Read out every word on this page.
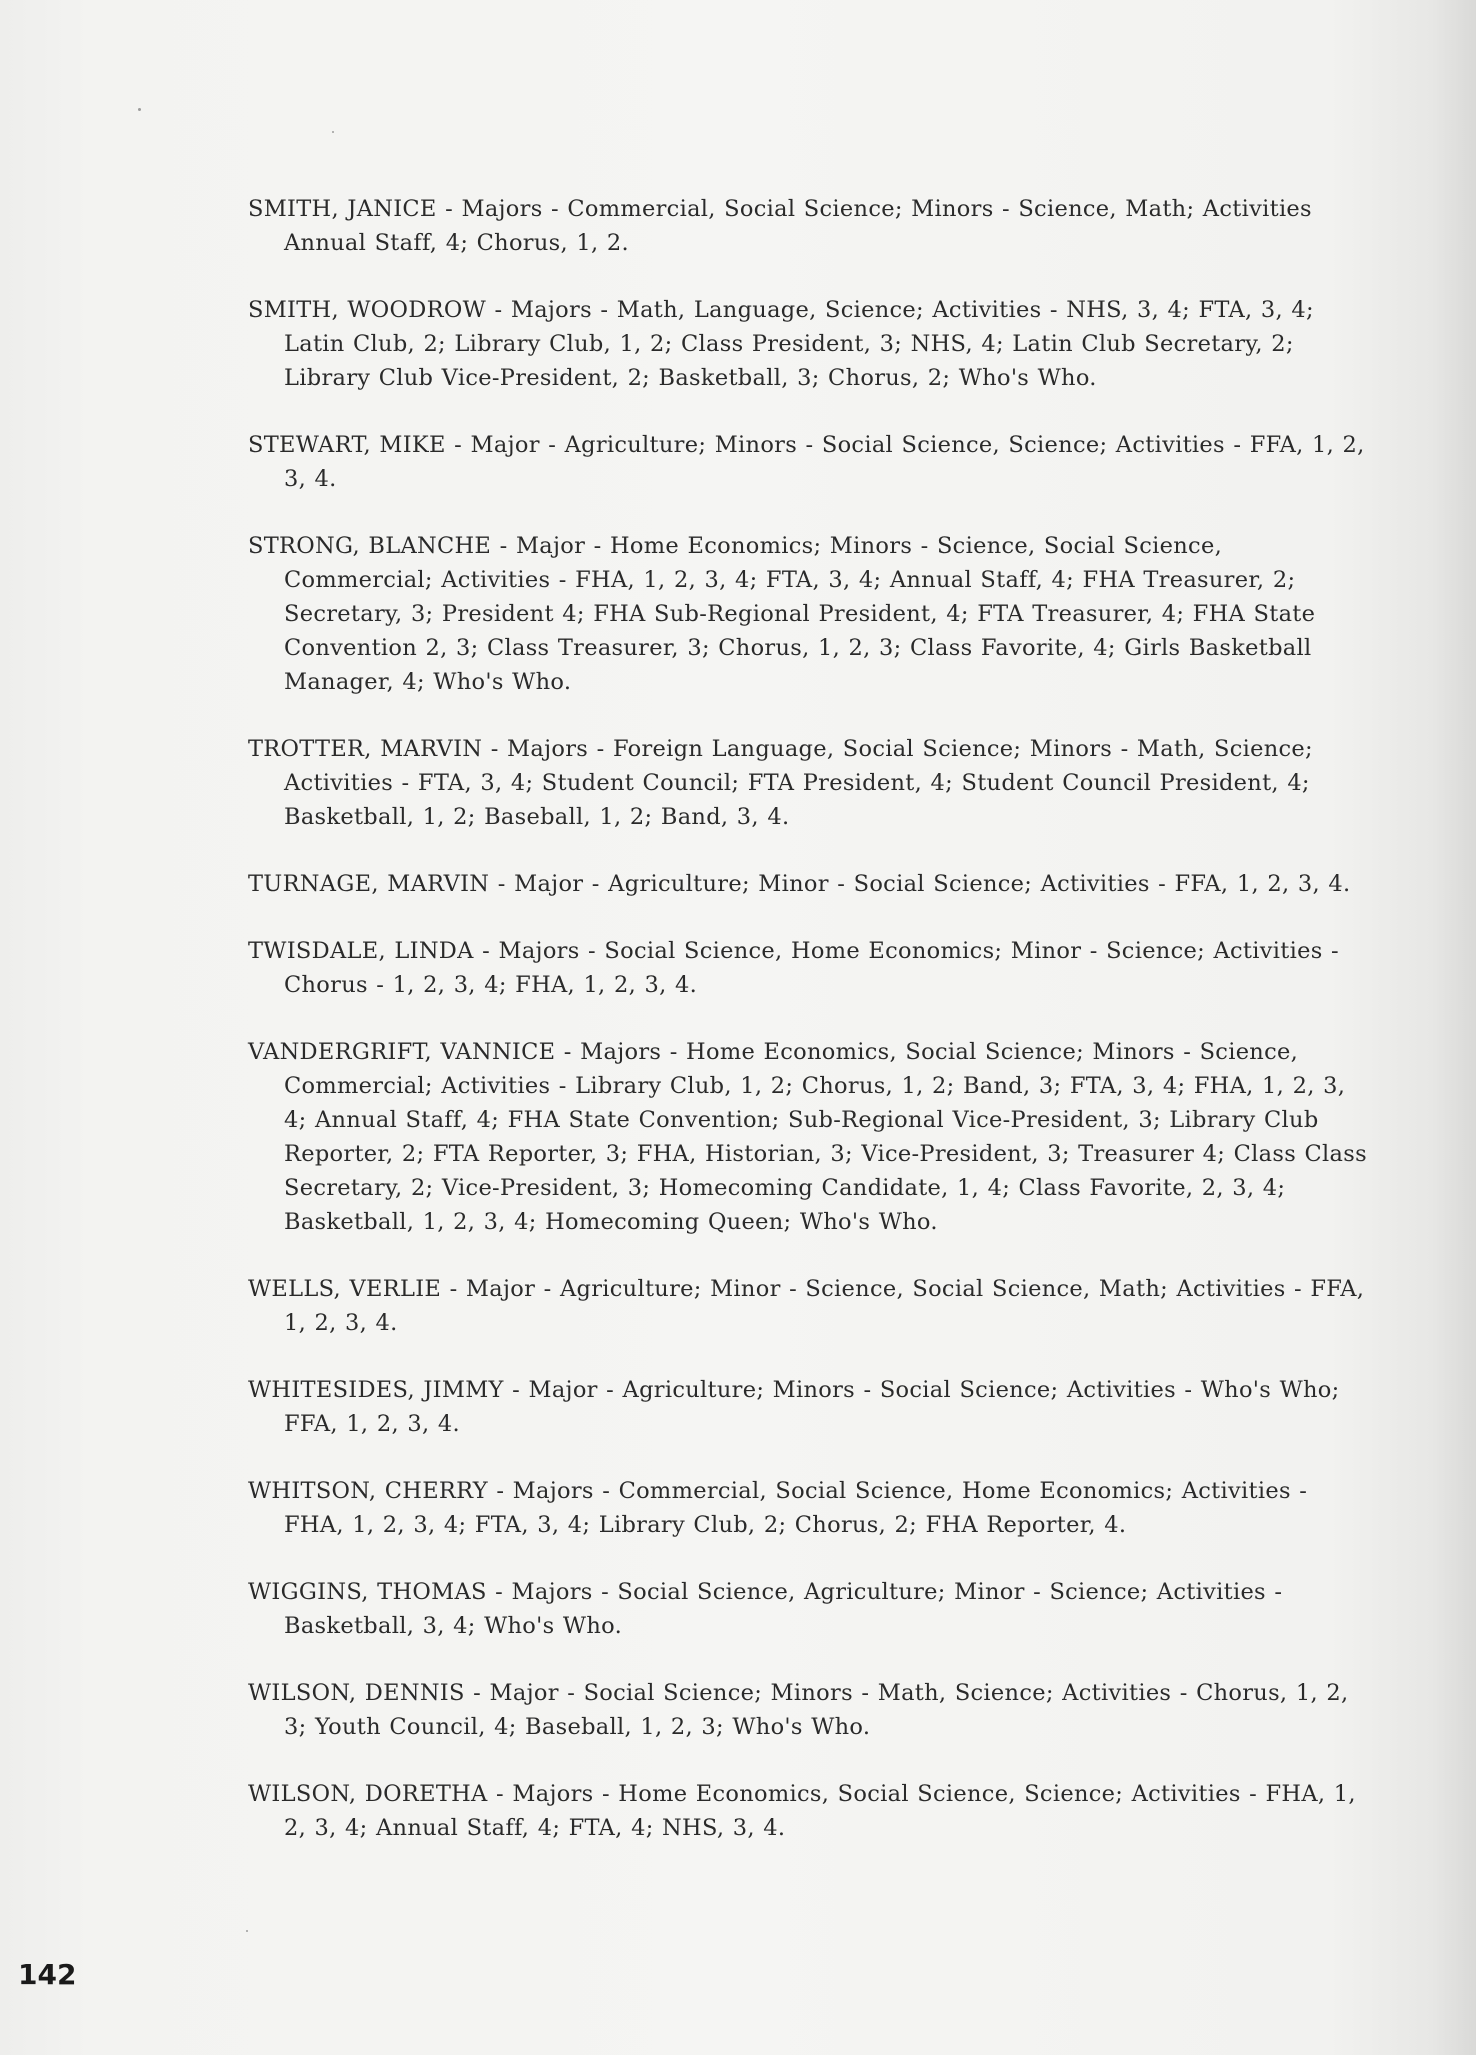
SMITH, JANICE - Majors - Commercial, Social Science; Minors - Science, Math; Activities Annual Staff, 4; Chorus, 1, 2.

SMITH, WOODROW - Majors - Math, Language, Science; Activities - NHS, 3, 4; FTA, 3, 4; Latin Club, 2; Library Club, 1, 2; Class President, 3; NHS, 4; Latin Club Secretary, 2; Library Club Vice-President, 2; Basketball, 3; Chorus, 2; Who's Who.

STEWART, MIKE - Major - Agriculture; Minors - Social Science, Science; Activities - FFA, 1, 2, 3, 4.

STRONG, BLANCHE - Major - Home Economics; Minors - Science, Social Science, Commercial; Activities - FHA, 1, 2, 3, 4; FTA, 3, 4; Annual Staff, 4; FHA Treasurer, 2; Secretary, 3; President 4; FHA Sub-Regional President, 4; FTA Treasurer, 4; FHA State Convention 2, 3; Class Treasurer, 3; Chorus, 1, 2, 3; Class Favorite, 4; Girls Basketball Manager, 4; Who's Who.

TROTTER, MARVIN - Majors - Foreign Language, Social Science; Minors - Math, Science; Activities - FTA, 3, 4; Student Council; FTA President, 4; Student Council President, 4; Basketball, 1, 2; Baseball, 1, 2; Band, 3, 4.

TURNAGE, MARVIN - Major - Agriculture; Minor - Social Science; Activities - FFA, 1, 2, 3, 4.

TWISDALE, LINDA - Majors - Social Science, Home Economics; Minor - Science; Activities - Chorus - 1, 2, 3, 4; FHA, 1, 2, 3, 4.

VANDERGRIFT, VANNICE - Majors - Home Economics, Social Science; Minors - Science, Commercial; Activities - Library Club, 1, 2; Chorus, 1, 2; Band, 3; FTA, 3, 4; FHA, 1, 2, 3, 4; Annual Staff, 4; FHA State Convention; Sub-Regional Vice-President, 3; Library Club Reporter, 2; FTA Reporter, 3; FHA, Historian, 3; Vice-President, 3; Treasurer 4; Class Class Secretary, 2; Vice-President, 3; Homecoming Candidate, 1, 4; Class Favorite, 2, 3, 4; Basketball, 1, 2, 3, 4; Homecoming Queen; Who's Who.

WELLS, VERLIE - Major - Agriculture; Minor - Science, Social Science, Math; Activities - FFA, 1, 2, 3, 4.

WHITESIDES, JIMMY - Major - Agriculture; Minors - Social Science; Activities - Who's Who; FFA, 1, 2, 3, 4.

WHITSON, CHERRY - Majors - Commercial, Social Science, Home Economics; Activities - FHA, 1, 2, 3, 4; FTA, 3, 4; Library Club, 2; Chorus, 2; FHA Reporter, 4.

WIGGINS, THOMAS - Majors - Social Science, Agriculture; Minor - Science; Activities - Basketball, 3, 4; Who's Who.

WILSON, DENNIS - Major - Social Science; Minors - Math, Science; Activities - Chorus, 1, 2, 3; Youth Council, 4; Baseball, 1, 2, 3; Who's Who.

WILSON, DORETHA - Majors - Home Economics, Social Science, Science; Activities - FHA, 1, 2, 3, 4; Annual Staff, 4; FTA, 4; NHS, 3, 4.

142
